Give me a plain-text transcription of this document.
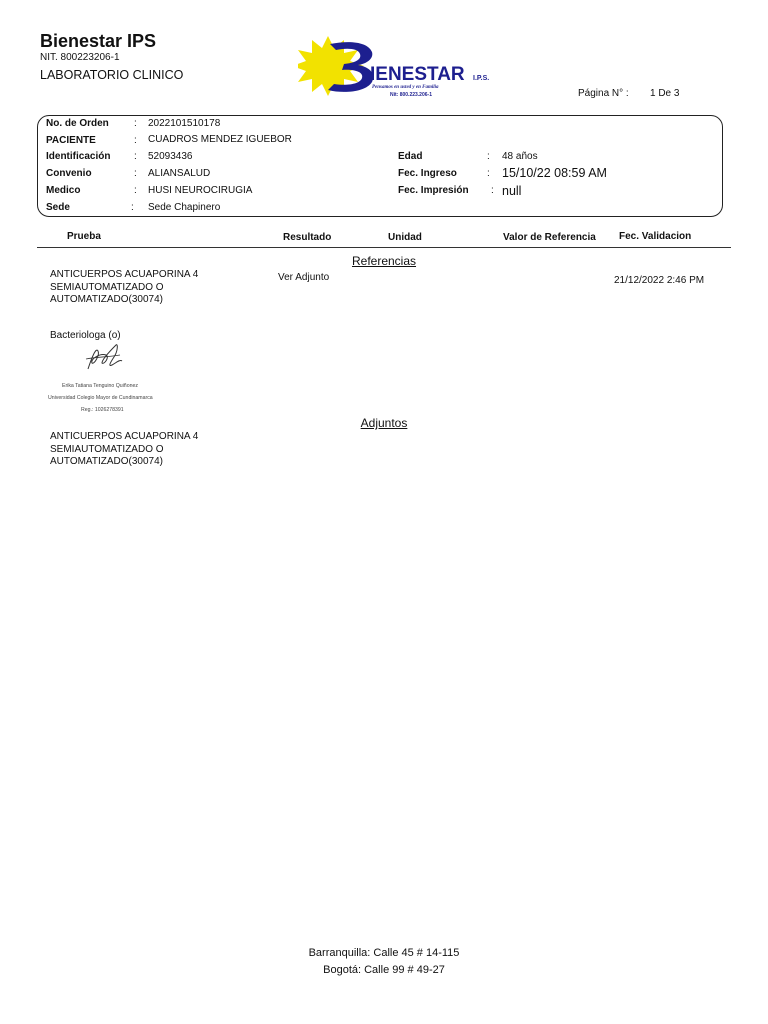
Bienestar IPS
NIT. 800223206-1
LABORATORIO CLINICO	IENESTAR I.P.S.
Pensamos en usted y en Familia
Nit: 800.223.206-1	Página N° : 1 De 3
No. de Orden	: 2022101510178
PACIENTE	: CUADROS MENDEZ IGUEBOR
Identificación : 52093436
Convenio	: ALIANSALUD
Medico	: HUSI NEUROCIRUGIA
Sede	: Sede Chapinero
Edad	: 48 años
Fec. Ingreso	: 15/10/22 08:59 AM
Fec. Impresión : null
Prueba	Resultado	Unidad	Valor de Referencia Fec. Validacion
Referencias
ANTICUERPOS ACUAPORINA 4
SEMIAUTOMATIZADO O
AUTOMATIZADO(30074)
Ver Adjunto	21/12/2022 2:46 PM
Bacteriologa (o)
Erika Tatiana Tenguino Quiñonez
Universidad Colegio Mayor de Cundinamarca
Reg.: 1026278391
Adjuntos
ANTICUERPOS ACUAPORINA 4
SEMIAUTOMATIZADO O
AUTOMATIZADO(30074)
Barranquilla: Calle 45 # 14-115
Bogotá: Calle 99 # 49-27
